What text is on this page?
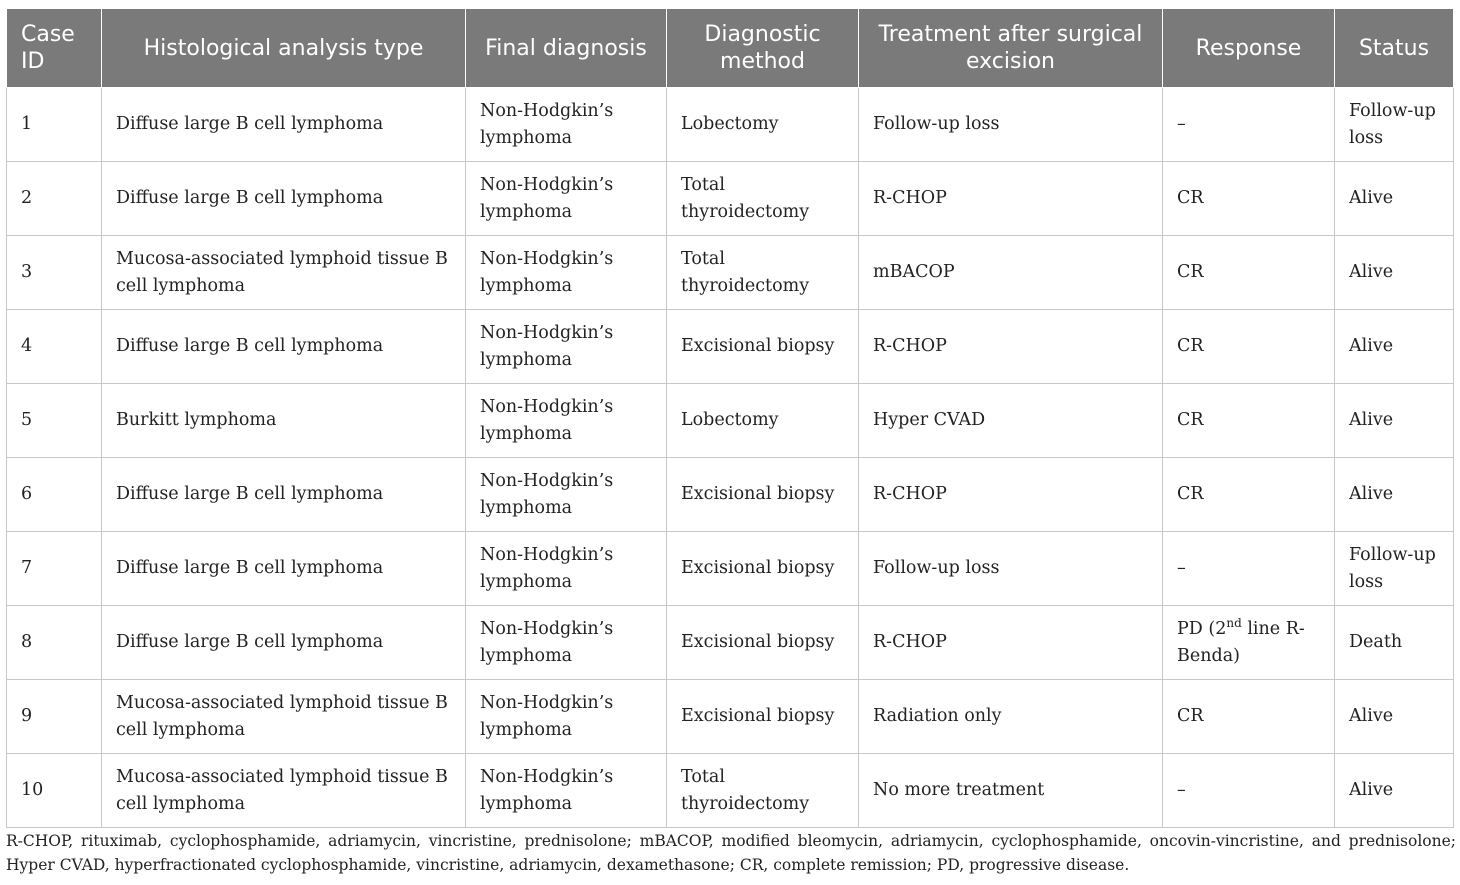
Case ID	Histological analysis type	Final diagnosis	Diagnostic method	Treatment after surgical excision	Response	Status
1	Diffuse large B cell lymphoma	Non-Hodgkin’s lymphoma	Lobectomy	Follow-up loss	–	Follow-up loss
2	Diffuse large B cell lymphoma	Non-Hodgkin’s lymphoma	Total thyroidectomy	R-CHOP	CR	Alive
3	Mucosa-associated lymphoid tissue B cell lymphoma	Non-Hodgkin’s lymphoma	Total thyroidectomy	mBACOP	CR	Alive
4	Diffuse large B cell lymphoma	Non-Hodgkin’s lymphoma	Excisional biopsy	R-CHOP	CR	Alive
5	Burkitt lymphoma	Non-Hodgkin’s lymphoma	Lobectomy	Hyper CVAD	CR	Alive
6	Diffuse large B cell lymphoma	Non-Hodgkin’s lymphoma	Excisional biopsy	R-CHOP	CR	Alive
7	Diffuse large B cell lymphoma	Non-Hodgkin’s lymphoma	Excisional biopsy	Follow-up loss	–	Follow-up loss
8	Diffuse large B cell lymphoma	Non-Hodgkin’s lymphoma	Excisional biopsy	R-CHOP	PD (2nd line R-Benda)	Death
9	Mucosa-associated lymphoid tissue B cell lymphoma	Non-Hodgkin’s lymphoma	Excisional biopsy	Radiation only	CR	Alive
10	Mucosa-associated lymphoid tissue B cell lymphoma	Non-Hodgkin’s lymphoma	Total thyroidectomy	No more treatment	–	Alive
R-CHOP, rituximab, cyclophosphamide, adriamycin, vincristine, prednisolone; mBACOP, modified bleomycin, adriamycin, cyclophosphamide, oncovin-vincristine, and prednisolone; Hyper CVAD, hyperfractionated cyclophosphamide, vincristine, adriamycin, dexamethasone; CR, complete remission; PD, progressive disease.
